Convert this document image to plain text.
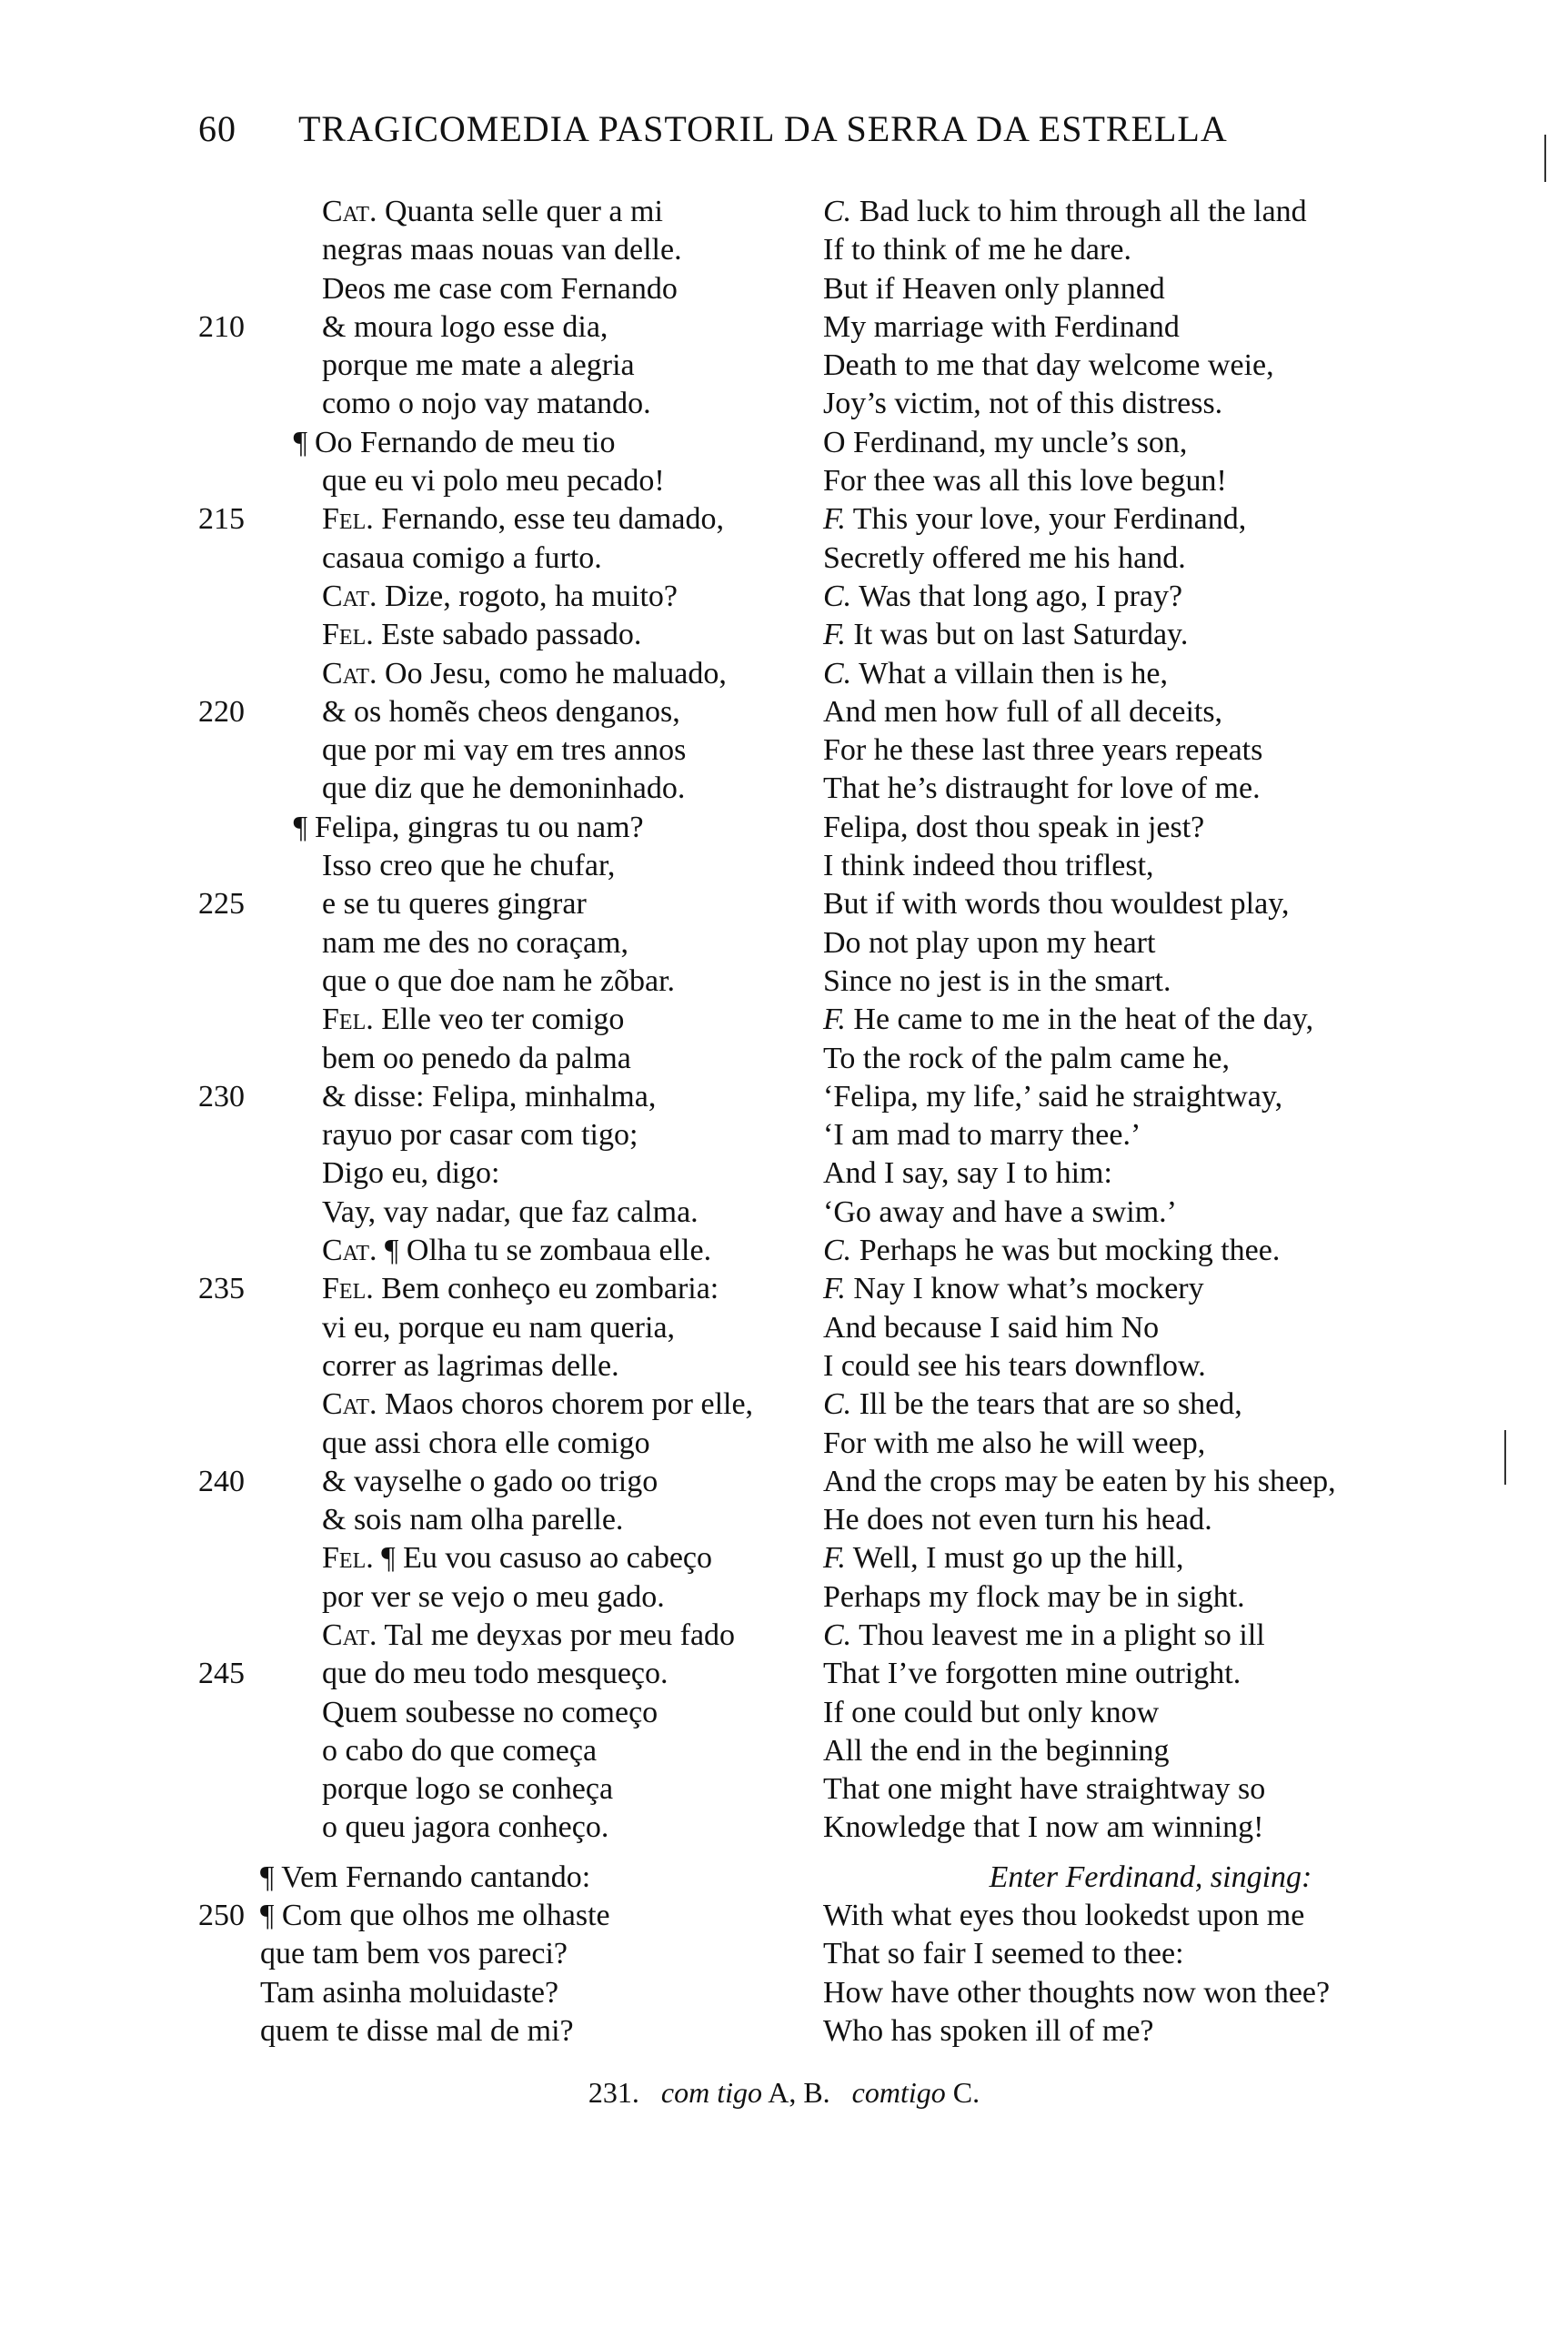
60 TRAGICOMEDIA PASTORIL DA SERRA DA ESTRELLA
Cat. Quanta selle quer a mi
negras maas nouas van delle.
Deos me case com Fernando
210	& moura logo esse dia,
porque me mate a alegria
como o nojo vay matando.
¶ Oo Fernando de meu tio
que eu vi polo meu pecado!
215	Fel. Fernando, esse teu damado,
casaua comigo a furto.
Cat. Dize, rogoto, ha muito?
Fel. Este sabado passado.
Cat. Oo Jesu, como he maluado,
220	& os homẽs cheos denganos,
que por mi vay em tres annos
que diz que he demoninhado.
¶ Felipa, gingras tu ou nam?
Isso creo que he chufar,
225	e se tu queres gingrar
nam me des no coraçam,
que o que doe nam he zõbar.
Fel. Elle veo ter comigo
bem oo penedo da palma
230	& disse: Felipa, minhalma,
rayuo por casar com tigo;
Digo eu, digo:
Vay, vay nadar, que faz calma.
Cat. ¶ Olha tu se zombaua elle.
235	Fel. Bem conheço eu zombaria:
vi eu, porque eu nam queria,
correr as lagrimas delle.
Cat. Maos choros chorem por elle,
que assi chora elle comigo
240	& vayselhe o gado oo trigo
& sois nam olha parelle.
Fel. ¶ Eu vou casuso ao cabeço
por ver se vejo o meu gado.
Cat. Tal me deyxas por meu fado
245	que do meu todo mesqueço.
Quem soubesse no começo
o cabo do que começa
porque logo se conheça
o queu jagora conheço.
¶ Vem Fernando cantando:
250 ¶ Com que olhos me olhaste
que tam bem vos pareci?
Tam asinha moluidaste?
quem te disse mal de mi?
C. Bad luck to him through all the land
If to think of me he dare.
But if Heaven only planned
My marriage with Ferdinand
Death to me that day welcome weie,
Joy’s victim, not of this distress.
O Ferdinand, my uncle’s son,
For thee was all this love begun!
F. This your love, your Ferdinand,
Secretly offered me his hand.
C. Was that long ago, I pray?
F. It was but on last Saturday.
C. What a villain then is he,
And men how full of all deceits,
For he these last three years repeats
That he’s distraught for love of me.
Felipa, dost thou speak in jest?
I think indeed thou triflest,
But if with words thou wouldest play,
Do not play upon my heart
Since no jest is in the smart.
F. He came to me in the heat of the day,
To the rock of the palm came he,
‘Felipa, my life,’ said he straightway,
‘I am mad to marry thee.’
And I say, say I to him:
‘Go away and have a swim.’
C. Perhaps he was but mocking thee.
F. Nay I know what’s mockery
And because I said him No
I could see his tears downflow.
C. Ill be the tears that are so shed,
For with me also he will weep,
And the crops may be eaten by his sheep,
He does not even turn his head.
F. Well, I must go up the hill,
Perhaps my flock may be in sight.
C. Thou leavest me in a plight so ill
That I’ve forgotten mine outright.
If one could but only know
All the end in the beginning
That one might have straightway so
Knowledge that I now am winning!
Enter Ferdinand, singing:
With what eyes thou lookedst upon me
That so fair I seemed to thee:
How have other thoughts now won thee?
Who has spoken ill of me?
231. com tigo A, B. comtigo C.
